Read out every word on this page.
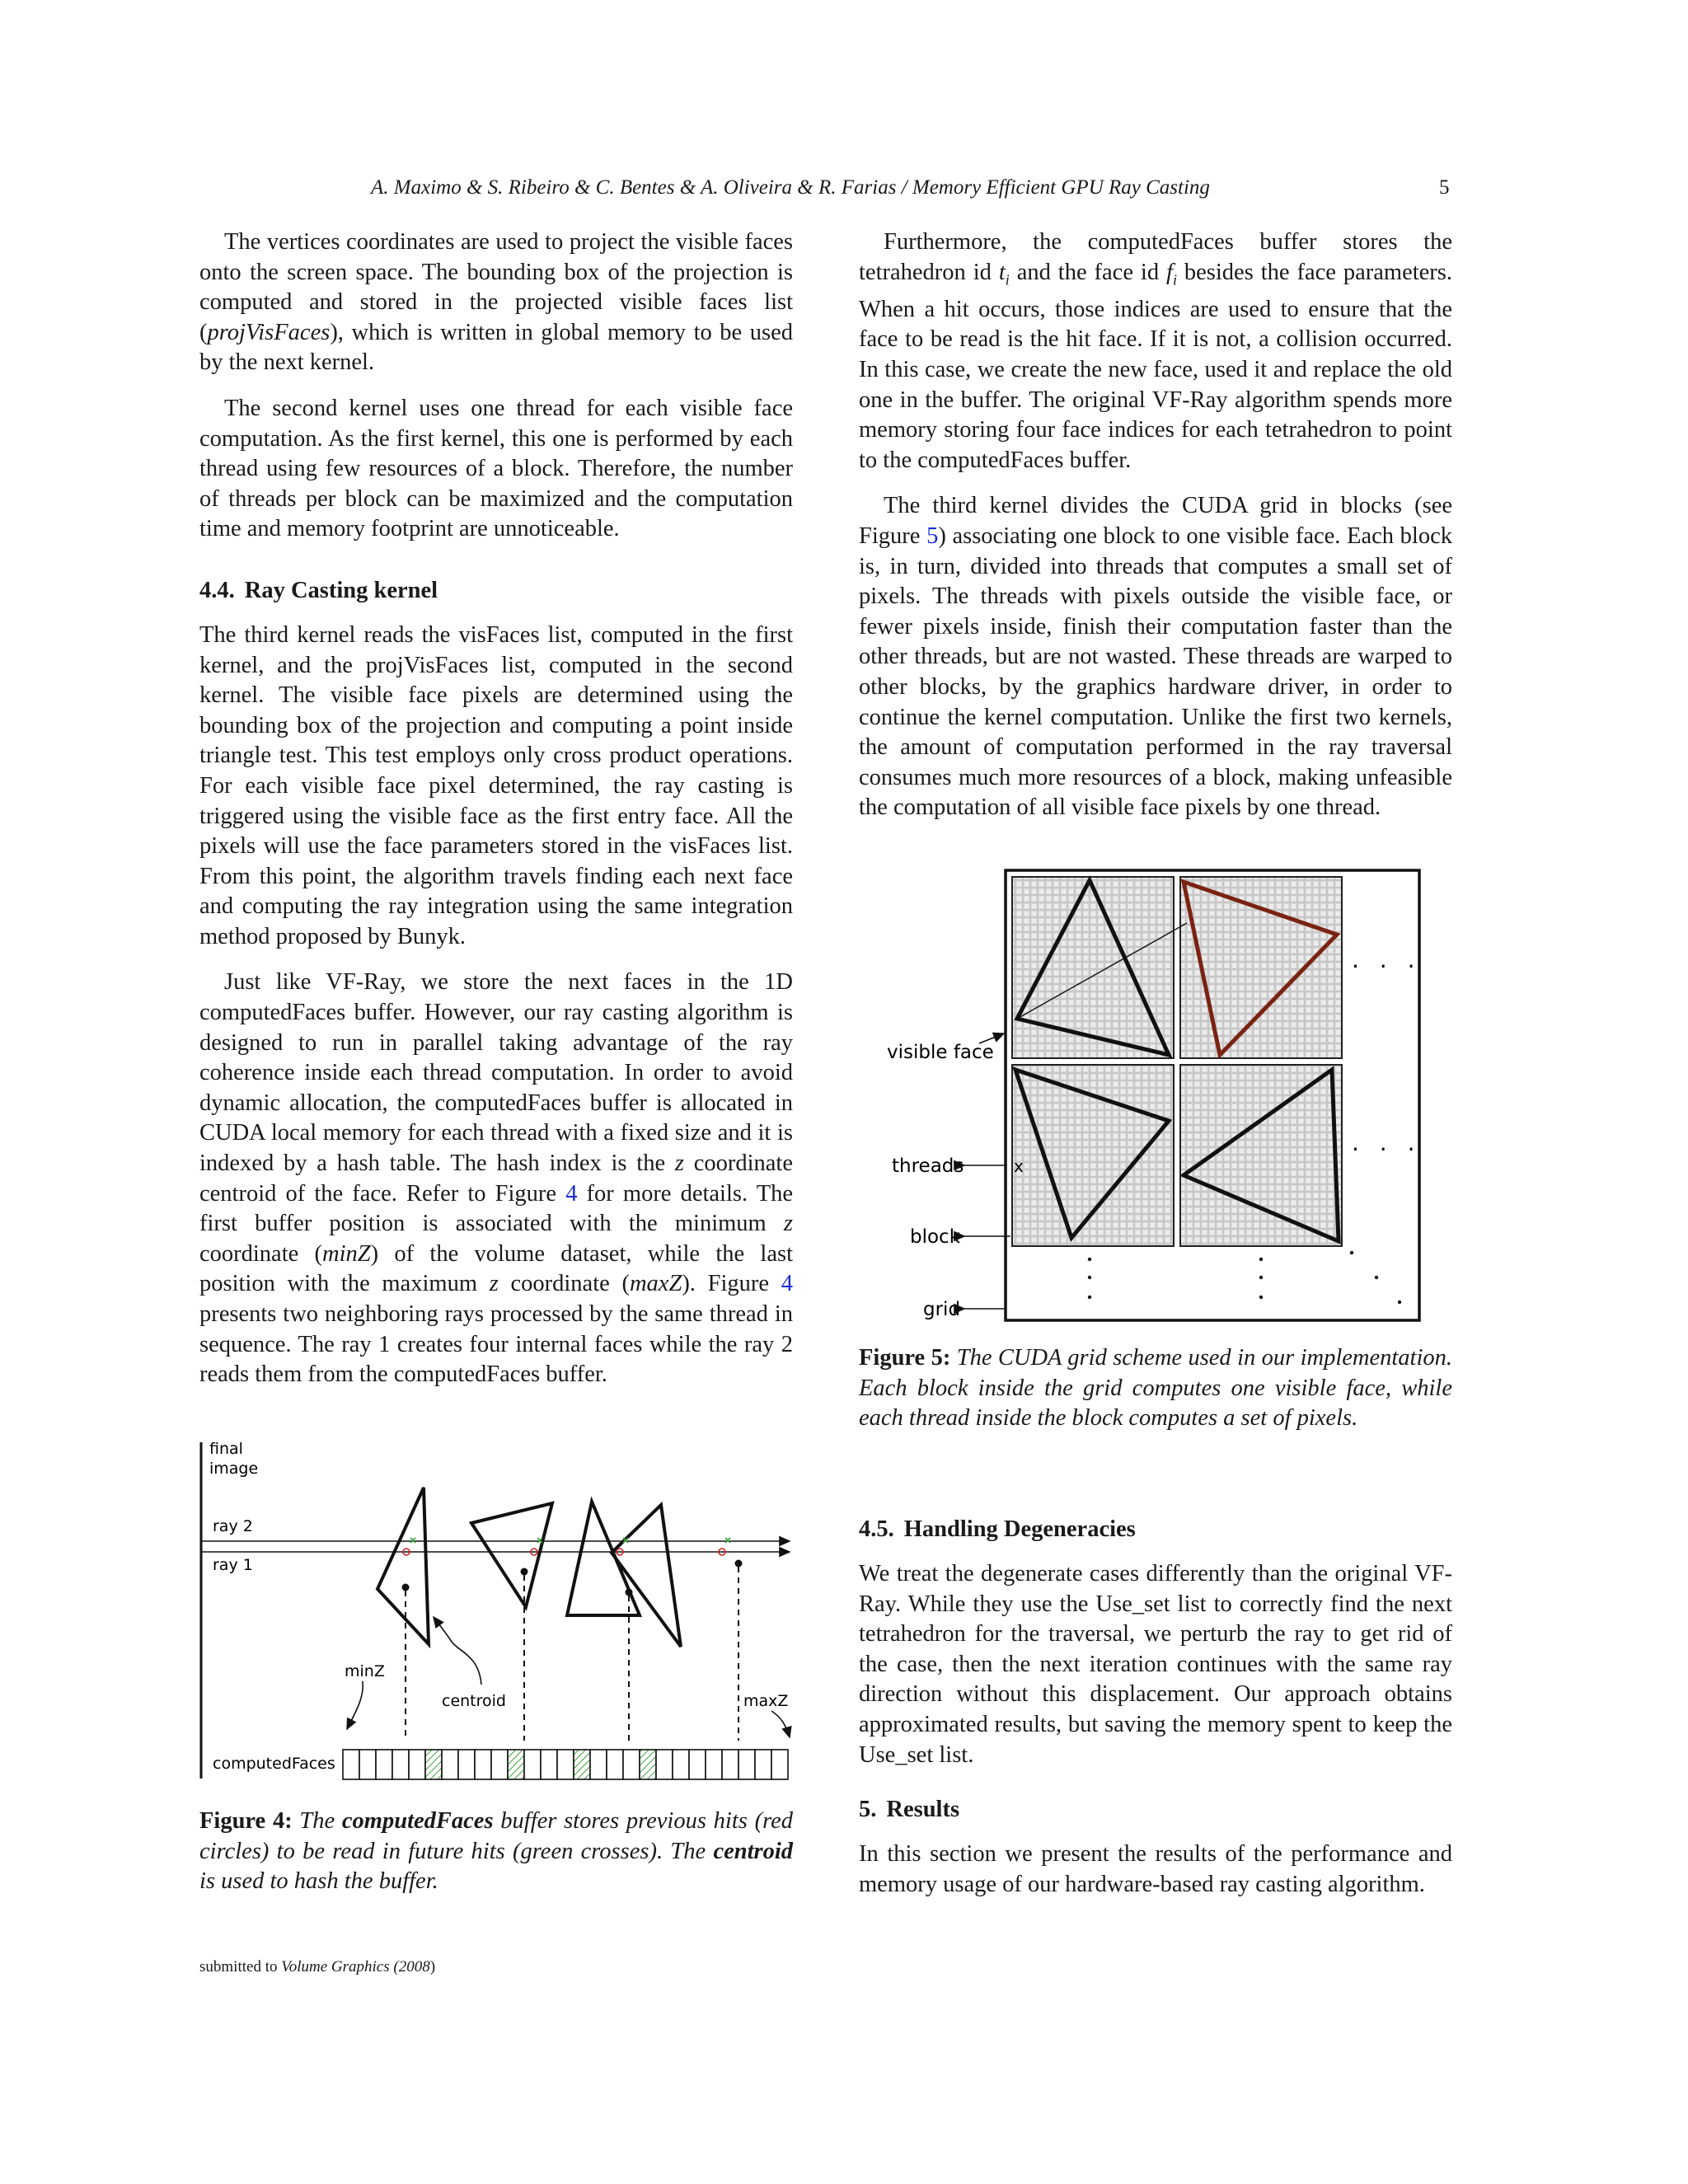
A. Maximo & S. Ribeiro & C. Bentes & A. Oliveira & R. Farias / Memory Efficient GPU Ray Casting	5

The vertices coordinates are used to project the visible faces onto the screen space. The bounding box of the projection is computed and stored in the projected visible faces list (projVisFaces), which is written in global memory to be used by the next kernel.

The second kernel uses one thread for each visible face computation. As the first kernel, this one is performed by each thread using few resources of a block. Therefore, the number of threads per block can be maximized and the computation time and memory footprint are unnoticeable.

4.4. Ray Casting kernel

The third kernel reads the visFaces list, computed in the first kernel, and the projVisFaces list, computed in the second kernel. The visible face pixels are determined using the bounding box of the projection and computing a point inside triangle test. This test employs only cross product operations. For each visible face pixel determined, the ray casting is triggered using the visible face as the first entry face. All the pixels will use the face parameters stored in the visFaces list. From this point, the algorithm travels finding each next face and computing the ray integration using the same integration method proposed by Bunyk.

Just like VF-Ray, we store the next faces in the 1D computedFaces buffer. However, our ray casting algorithm is designed to run in parallel taking advantage of the ray coherence inside each thread computation. In order to avoid dynamic allocation, the computedFaces buffer is allocated in CUDA local memory for each thread with a fixed size and it is indexed by a hash table. The hash index is the z coordinate centroid of the face. Refer to Figure 4 for more details. The first buffer position is associated with the minimum z coordinate (minZ) of the volume dataset, while the last position with the maximum z coordinate (maxZ). Figure 4 presents two neighboring rays processed by the same thread in sequence. The ray 1 creates four internal faces while the ray 2 reads them from the computedFaces buffer.

final
image
ray 2
ray 1
centroid
minZ
maxZ
computedFaces
Figure 4: The computedFaces buffer stores previous hits (red circles) to be read in future hits (green crosses). The centroid is used to hash the buffer.

Furthermore, the computedFaces buffer stores the tetrahedron id $t_i$ and the face id $f_i$ besides the face parameters. When a hit occurs, those indices are used to ensure that the face to be read is the hit face. If it is not, a collision occurred. In this case, we create the new face, used it and replace the old one in the buffer. The original VF-Ray algorithm spends more memory storing four face indices for each tetrahedron to point to the computedFaces buffer.

The third kernel divides the CUDA grid in blocks (see Figure 5) associating one block to one visible face. Each block is, in turn, divided into threads that computes a small set of pixels. The threads with pixels outside the visible face, or fewer pixels inside, finish their computation faster than the other threads, but are not wasted. These threads are warped to other blocks, by the graphics hardware driver, in order to continue the kernel computation. Unlike the first two kernels, the amount of computation performed in the ray traversal consumes much more resources of a block, making unfeasible the computation of all visible face pixels by one thread.

visible face
threads	x
block
grid
. . .
. . .
Figure 5: The CUDA grid scheme used in our implementation. Each block inside the grid computes one visible face, while each thread inside the block computes a set of pixels.
4.5. Handling Degeneracies

We treat the degenerate cases differently than the original VF-Ray. While they use the Use_set list to correctly find the next tetrahedron for the traversal, we perturb the ray to get rid of the case, then the next iteration continues with the same ray direction without this displacement. Our approach obtains approximated results, but saving the memory spent to keep the Use_set list.

5. Results

In this section we present the results of the performance and memory usage of our hardware-based ray casting algorithm.

submitted to Volume Graphics (2008)
